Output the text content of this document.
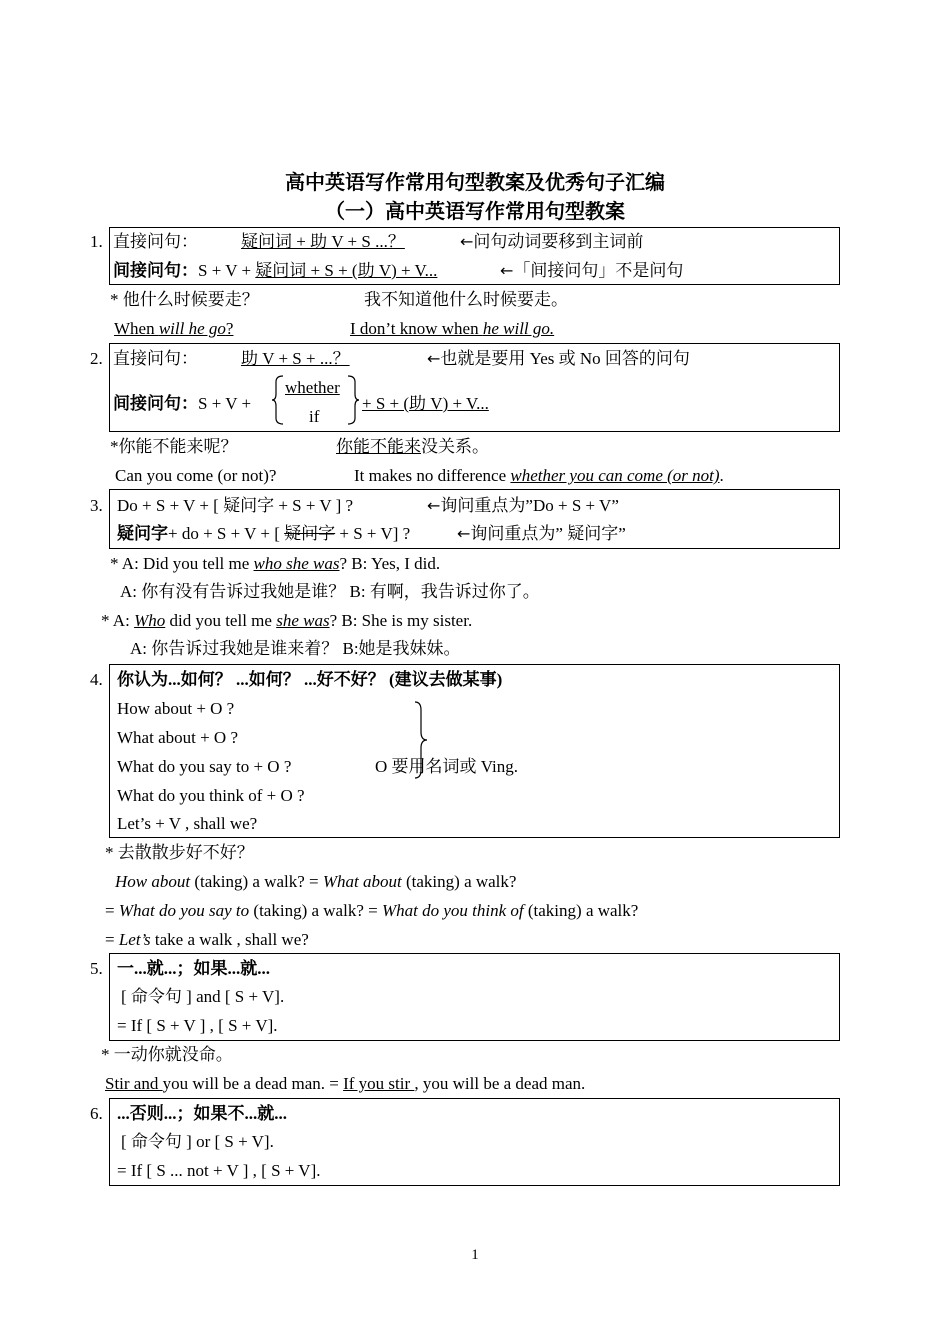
高中英语写作常用句型教案及优秀句子汇编
（一）高中英语写作常用句型教案
1. 直接问句：	疑问词 + 助 V + S ...？	←问句动词要移到主词前
间接问句：S + V + 疑问词 + S + (助 V) + V...	←「间接问句」不是问句
* 他什么时候要走？	我不知道他什么时候要走。
When will he go?	I don’t know when he will go.
2. 直接问句：	助 V + S + ...？	←也就是要用 Yes 或 No 回答的问句
间接问句：S + V +
whether
if
+ S + (助 V) + V...
*你能不能来呢？	你能不能来没关系。
Can you come (or not)?	It makes no difference whether you can come (or not).
3. Do + S + V + [ 疑问字 + S + V ] ?	←询问重点为”Do + S + V”
疑问字+ do + S + V + [ 疑问字 + S + V] ?	←询问重点为” 疑问字”
* A: Did you tell me who she was? B: Yes, I did.
A: 你有没有告诉过我她是谁？ B: 有啊，我告诉过你了。
* A: Who did you tell me she was? B: She is my sister.
A: 你告诉过我她是谁来着？ B:她是我妹妹。
4. 你认为...如何？ ...如何？ ...好不好？ (建议去做某事)
How about + O ?
What about + O ?
What do you say to + O ?
What do you think of + O ?
Let’s + V , shall we?
O 要用名词或 Ving.
* 去散散步好不好？
How about (taking) a walk? = What about (taking) a walk?
= What do you say to (taking) a walk? = What do you think of (taking) a walk?
= Let’s take a walk , shall we?
5. 一...就...；如果...就...
[ 命令句 ] and [ S + V].
= If [ S + V ] , [ S + V].
* 一动你就没命。
Stir and you will be a dead man. = If you stir , you will be a dead man.
6. ...否则...；如果不...就...
[ 命令句 ] or [ S + V].
= If [ S ... not + V ] , [ S + V].
1
